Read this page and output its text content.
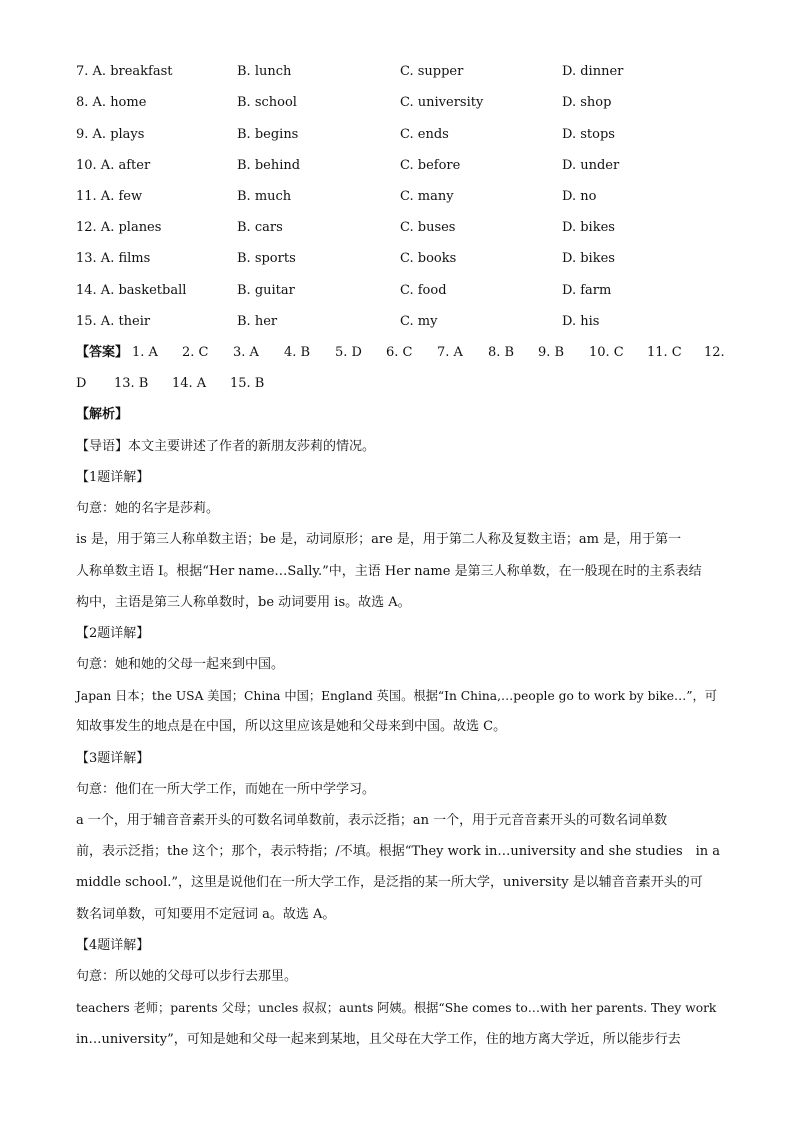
7. A. breakfast	B. lunch	C. supper	D. dinner
8. A. home	B. school	C. university	D. shop
9. A. plays	B. begins	C. ends	D. stops
10. A. after	B. behind	C. before	D. under
11. A. few	B. much	C. many	D. no
12. A. planes	B. cars	C. buses	D. bikes
13. A. films	B. sports	C. books	D. bikes
14. A. basketball	B. guitar	C. food	D. farm
15. A. their	B. her	C. my	D. his
【答案】 1. A 2. C 3. A 4. B 5. D 6. C 7. A 8. B 9. B 10. C 11. C 12.
D 13. B 14. A 15. B
【解析】
【导语】本文主要讲述了作者的新朋友莎莉的情况。
【1题详解】
句意：她的名字是莎莉。
is 是，用于第三人称单数主语；be 是，动词原形；are 是，用于第二人称及复数主语；am 是，用于第一
人称单数主语 I。根据“Her name…Sally.”中，主语 Her name 是第三人称单数，在一般现在时的主系表结
构中，主语是第三人称单数时，be 动词要用 is。故选 A。
【2题详解】
句意：她和她的父母一起来到中国。
Japan 日本；the USA 美国；China 中国；England 英国。根据“In China,…people go to work by bike…”，可
知故事发生的地点是在中国，所以这里应该是她和父母来到中国。故选 C。
【3题详解】
句意：他们在一所大学工作，而她在一所中学学习。
a 一个，用于辅音音素开头的可数名词单数前，表示泛指；an 一个，用于元音音素开头的可数名词单数
前，表示泛指；the 这个；那个，表示特指；/不填。根据“They work in…university and she studies　in a
middle school.”，这里是说他们在一所大学工作，是泛指的某一所大学，university 是以辅音音素开头的可
数名词单数，可知要用不定冠词 a。故选 A。
【4题详解】
句意：所以她的父母可以步行去那里。
teachers 老师；parents 父母；uncles 叔叔；aunts 阿姨。根据“She comes to…with her parents. They work
in…university”，可知是她和父母一起来到某地，且父母在大学工作，住的地方离大学近，所以能步行去
